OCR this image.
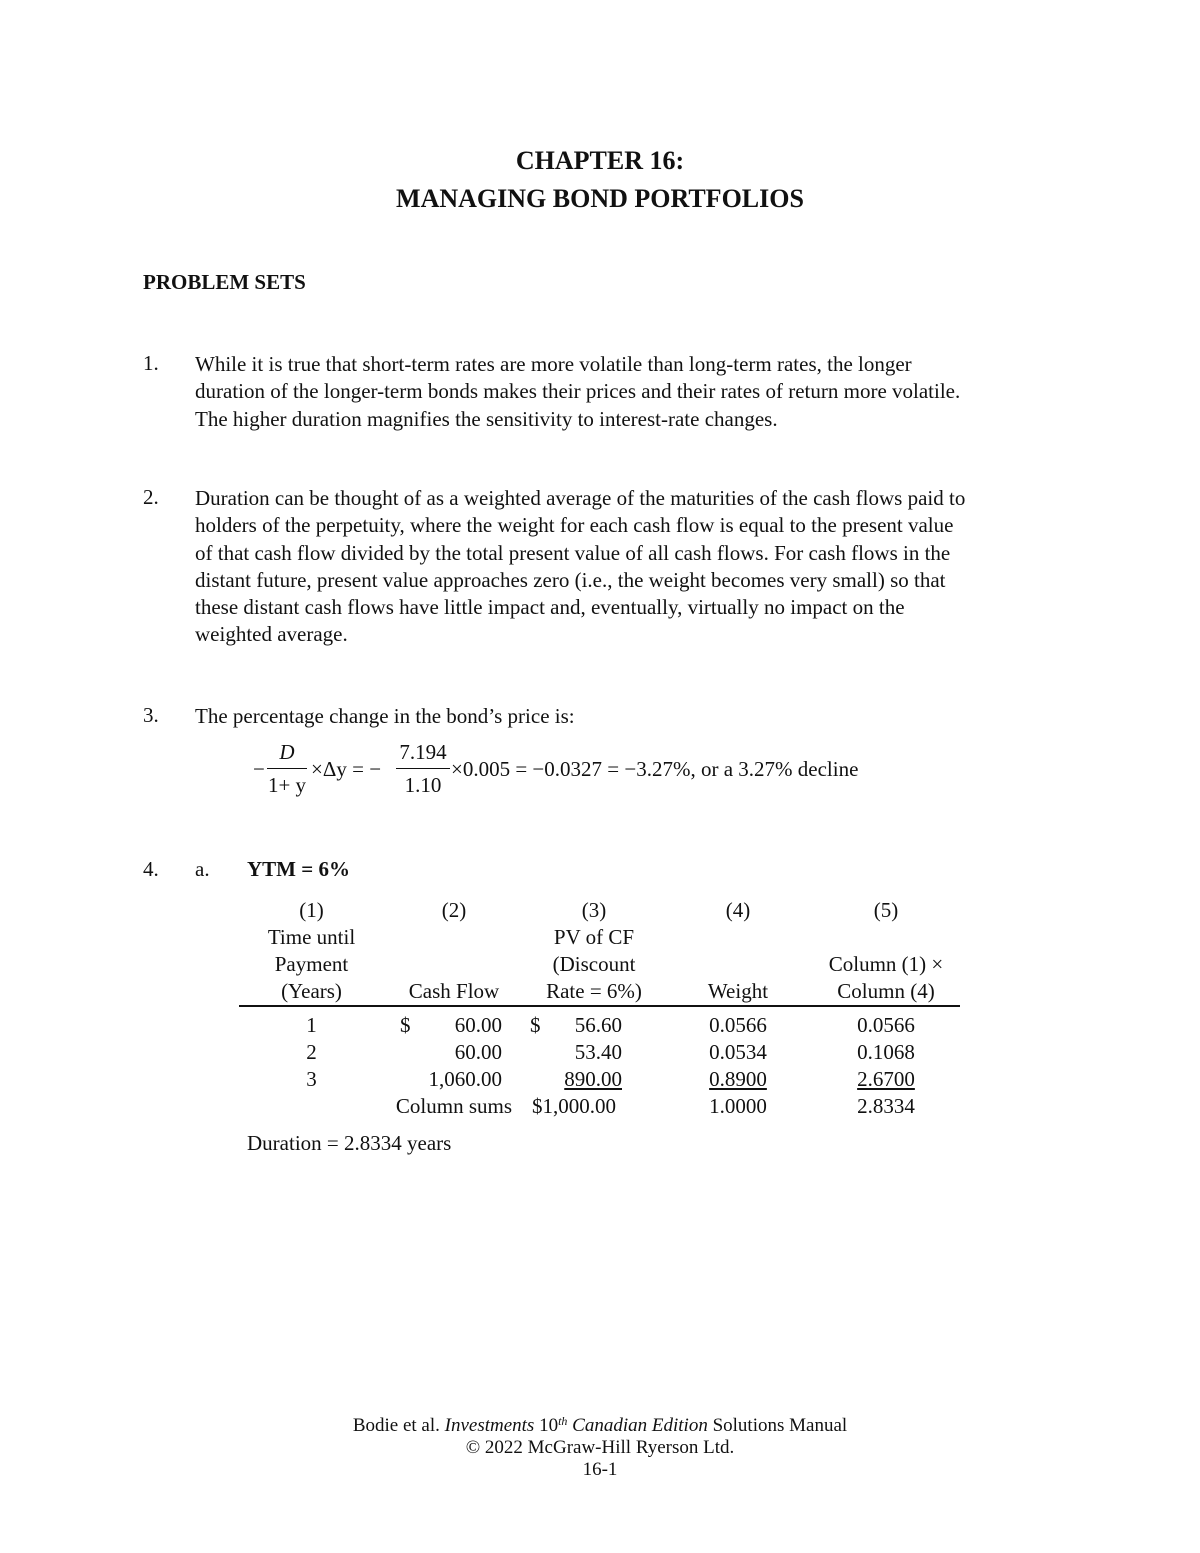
CHAPTER 16:
MANAGING BOND PORTFOLIOS
PROBLEM SETS
1. While it is true that short-term rates are more volatile than long-term rates, the longer
duration of the longer-term bonds makes their prices and their rates of return more volatile.
The higher duration magnifies the sensitivity to interest-rate changes.
2. Duration can be thought of as a weighted average of the maturities of the cash flows paid to
holders of the perpetuity, where the weight for each cash flow is equal to the present value
of that cash flow divided by the total present value of all cash flows. For cash flows in the
distant future, present value approaches zero (i.e., the weight becomes very small) so that
these distant cash flows have little impact and, eventually, virtually no impact on the
weighted average.
3. The percentage change in the bond’s price is:
−
D
1+ y
×Δy = −
7.194
1.10
×0.005 = −0.0327 = −3.27%, or a 3.27% decline
4. a. YTM = 6%
(1)	(2)	(3)	(4)	(5)
Time until		PV of CF		
Payment		(Discount		Column (1) ×
(Years)	Cash Flow	Rate = 6%)	Weight	Column (4)

1	$ 60.00	$ 56.60	0.0566	0.0566
2	60.00	53.40	0.0534	0.1068
3	1,060.00	890.00	0.8900	2.6700
	Column sums	$1,000.00	1.0000	2.8334
Duration = 2.8334 years
Bodie et al. Investments 10th Canadian Edition Solutions Manual
© 2022 McGraw-Hill Ryerson Ltd.
16-1
